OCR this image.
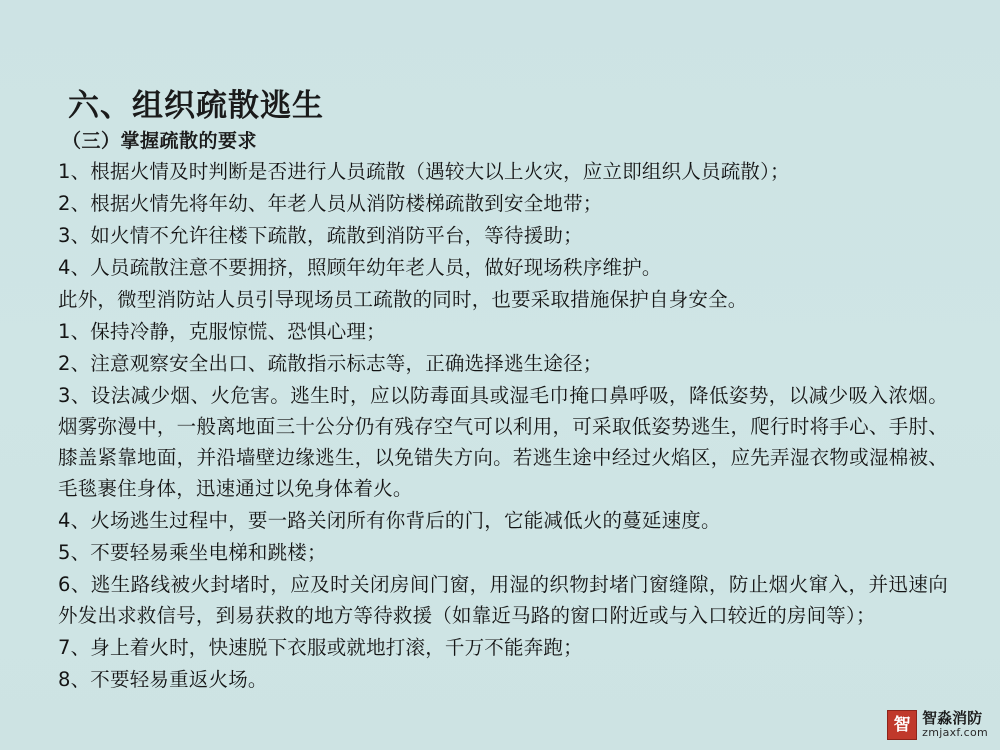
六、组织疏散逃生
（三）掌握疏散的要求

1、根据火情及时判断是否进行人员疏散（遇较大以上火灾，应立即组织人员疏散）；

2、根据火情先将年幼、年老人员从消防楼梯疏散到安全地带；

3、如火情不允许往楼下疏散，疏散到消防平台，等待援助；

4、人员疏散注意不要拥挤，照顾年幼年老人员，做好现场秩序维护。

此外，微型消防站人员引导现场员工疏散的同时，也要采取措施保护自身安全。

1、保持冷静，克服惊慌、恐惧心理；

2、注意观察安全出口、疏散指示标志等，正确选择逃生途径；

3、设法减少烟、火危害。逃生时，应以防毒面具或湿毛巾掩口鼻呼吸，降低姿势，以减少吸入浓烟。烟雾弥漫中，一般离地面三十公分仍有残存空气可以利用，可采取低姿势逃生，爬行时将手心、手肘、膝盖紧靠地面，并沿墙壁边缘逃生，以免错失方向。若逃生途中经过火焰区，应先弄湿衣物或湿棉被、毛毯裹住身体，迅速通过以免身体着火。

4、火场逃生过程中，要一路关闭所有你背后的门，它能减低火的蔓延速度。

5、不要轻易乘坐电梯和跳楼；

6、逃生路线被火封堵时，应及时关闭房间门窗，用湿的织物封堵门窗缝隙，防止烟火窜入，并迅速向外发出求救信号，到易获救的地方等待救援（如靠近马路的窗口附近或与入口较近的房间等）；

7、身上着火时，快速脱下衣服或就地打滚，千万不能奔跑；

8、不要轻易重返火场。

智 智淼消防
zmjaxf.com
